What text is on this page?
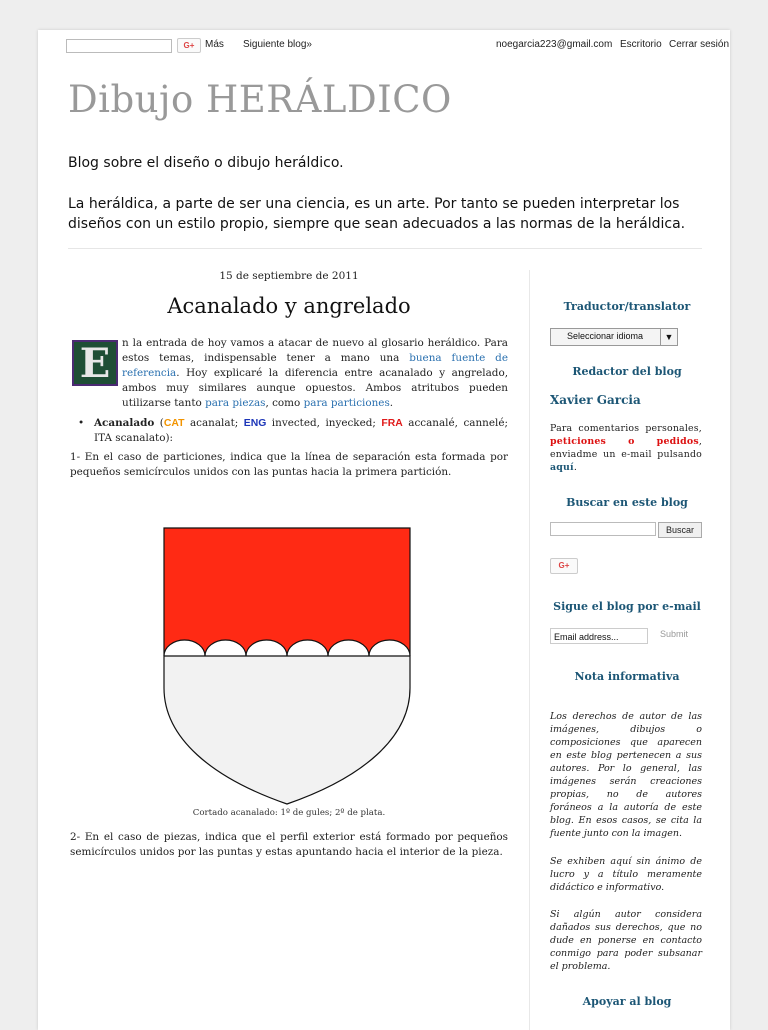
G+	Más Siguiente blog»	noegarcia223@gmail.com Escritorio Cerrar sesión
Dibujo HERÁLDICO
Blog sobre el diseño o dibujo heráldico.
La heráldica, a parte de ser una ciencia, es un arte. Por tanto se pueden interpretar los diseños con un estilo propio, siempre que sean adecuados a las normas de la heráldica.
15 de septiembre de 2011
Acanalado y angrelado
E	n la entrada de hoy vamos a atacar de nuevo al glosario heráldico. Para estos temas, indispensable tener a mano una buena fuente de referencia. Hoy explicaré la diferencia entre acanalado y angrelado, ambos muy similares aunque opuestos. Ambos atritubos pueden utilizarse tanto para piezas, como para particiones.
• Acanalado (CAT acanalat; ENG invected, inyecked; FRA accanalé, cannelé; ITA scanalato):
1- En el caso de particiones, indica que la línea de separación esta formada por pequeños semicírculos unidos con las puntas hacia la primera partición.
Cortado acanalado: 1º de gules; 2º de plata.
2- En el caso de piezas, indica que el perfil exterior está formado por pequeños semicírculos unidos por las puntas y estas apuntando hacia el interior de la pieza.
Traductor/translator
Seleccionar idioma	▼
Redactor del blog
Xavier Garcia
Para comentarios personales, peticiones o pedidos, enviadme un e-mail pulsando aquí.
Buscar en este blog
Buscar
G+
Sigue el blog por e-mail
Email address...	Submit
Nota informativa
Los derechos de autor de las imágenes, dibujos o composiciones que aparecen en este blog pertenecen a sus autores. Por lo general, las imágenes serán creaciones propias, no de autores foráneos a la autoría de este blog. En esos casos, se cita la fuente junto con la imagen.
Se exhiben aquí sin ánimo de lucro y a título meramente didáctico e informativo.
Si algún autor considera dañados sus derechos, que no dude en ponerse en contacto conmigo para poder subsanar el problema.
Apoyar al blog
